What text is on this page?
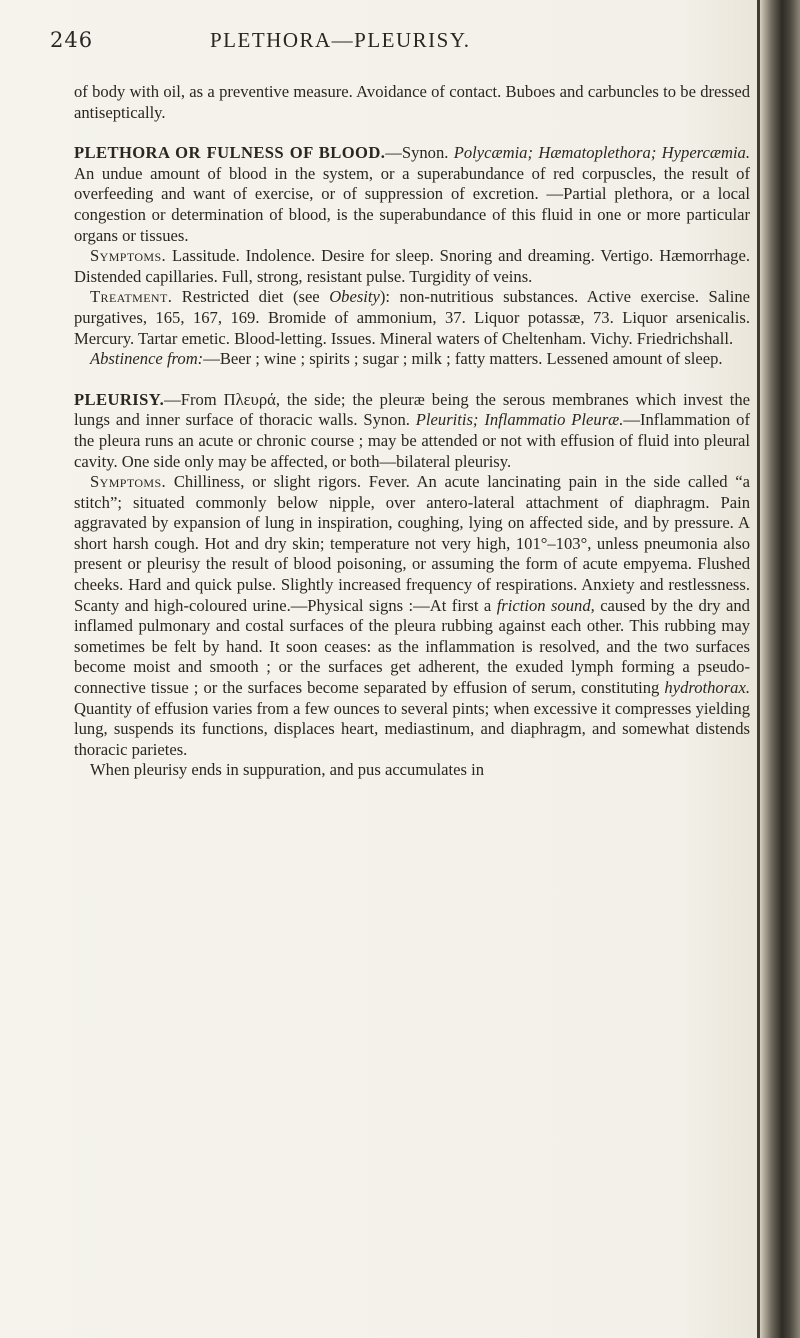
246	PLETHORA—PLEURISY.

of body with oil, as a preventive measure. Avoidance of contact. Buboes and carbuncles to be dressed antiseptically.

PLETHORA OR FULNESS OF BLOOD.—Synon. Polycæmia; Hæmatoplethora; Hypercæmia. An undue amount of blood in the system, or a superabundance of red corpuscles, the result of overfeeding and want of exercise, or of suppression of excretion. —Partial plethora, or a local congestion or determination of blood, is the superabundance of this fluid in one or more particular organs or tissues.

Symptoms. Lassitude. Indolence. Desire for sleep. Snoring and dreaming. Vertigo. Hæmorrhage. Distended capillaries. Full, strong, resistant pulse. Turgidity of veins.

Treatment. Restricted diet (see Obesity): non-nutritious substances. Active exercise. Saline purgatives, 165, 167, 169. Bromide of ammonium, 37. Liquor potassæ, 73. Liquor arsenicalis. Mercury. Tartar emetic. Blood-letting. Issues. Mineral waters of Cheltenham. Vichy. Friedrichshall.

Abstinence from:—Beer ; wine ; spirits ; sugar ; milk ; fatty matters. Lessened amount of sleep.

PLEURISY.—From Πλευρά, the side; the pleuræ being the serous membranes which invest the lungs and inner surface of thoracic walls. Synon. Pleuritis; Inflammatio Pleuræ.—Inflammation of the pleura runs an acute or chronic course ; may be attended or not with effusion of fluid into pleural cavity. One side only may be affected, or both—bilateral pleurisy.

Symptoms. Chilliness, or slight rigors. Fever. An acute lancinating pain in the side called “a stitch”; situated commonly below nipple, over antero-lateral attachment of diaphragm. Pain aggravated by expansion of lung in inspiration, coughing, lying on affected side, and by pressure. A short harsh cough. Hot and dry skin; temperature not very high, 101°–103°, unless pneumonia also present or pleurisy the result of blood poisoning, or assuming the form of acute empyema. Flushed cheeks. Hard and quick pulse. Slightly increased frequency of respirations. Anxiety and restlessness. Scanty and high-coloured urine.—Physical signs :—At first a friction sound, caused by the dry and inflamed pulmonary and costal surfaces of the pleura rubbing against each other. This rubbing may sometimes be felt by hand. It soon ceases: as the inflammation is resolved, and the two surfaces become moist and smooth ; or the surfaces get adherent, the exuded lymph forming a pseudo-connective tissue ; or the surfaces become separated by effusion of serum, constituting hydrothorax. Quantity of effusion varies from a few ounces to several pints; when excessive it compresses yielding lung, suspends its functions, displaces heart, mediastinum, and diaphragm, and somewhat distends thoracic parietes.

When pleurisy ends in suppuration, and pus accumulates in
